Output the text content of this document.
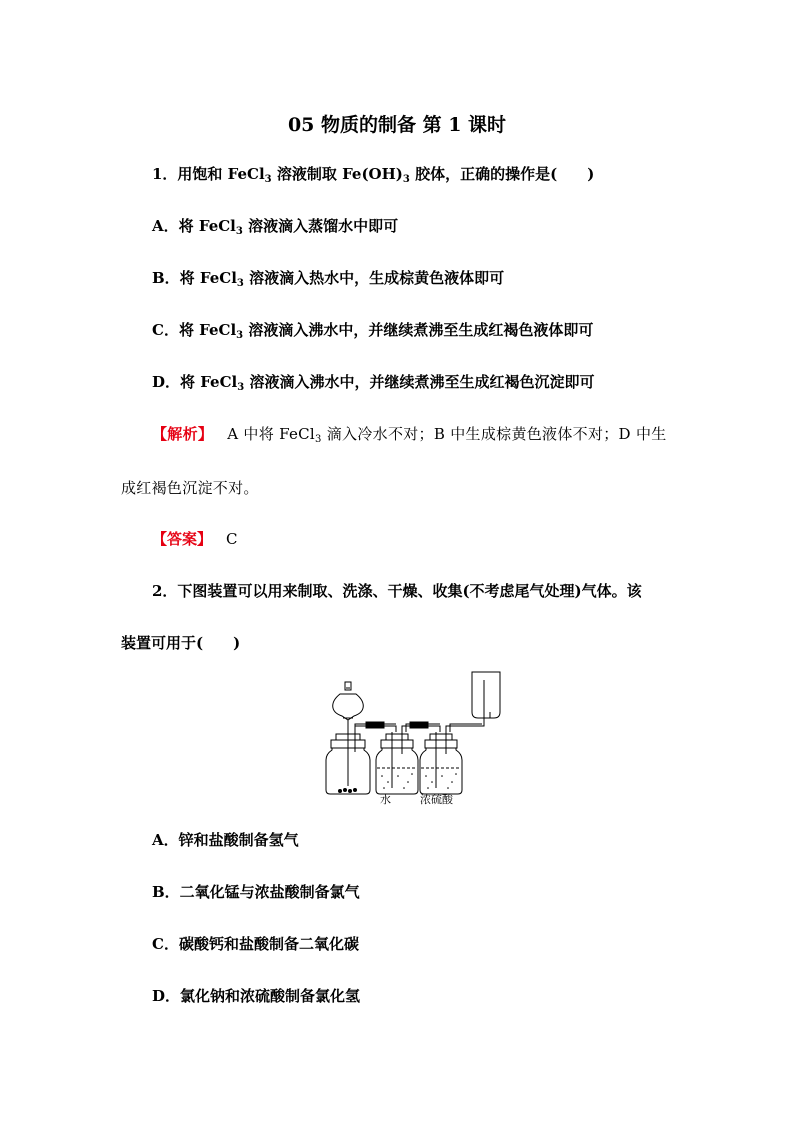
05 物质的制备 第 1 课时
1．用饱和 FeCl$_3$ 溶液制取 $Fe(OH)_3$ 胶体，正确的操作是(　　)
A．将 FeCl$_3$ 溶液滴入蒸馏水中即可
B．将 FeCl$_3$ 溶液滴入热水中，生成棕黄色液体即可
C．将 FeCl$_3$ 溶液滴入沸水中，并继续煮沸至生成红褐色液体即可
D．将 FeCl$_3$ 溶液滴入沸水中，并继续煮沸至生成红褐色沉淀即可
【解析】 A 中将 FeCl$_3$ 滴入冷水不对；B 中生成棕黄色液体不对；D 中生
成红褐色沉淀不对。
【答案】 C
2．下图装置可以用来制取、洗涤、干燥、收集(不考虑尾气处理)气体。该
装置可用于(　　)
水	浓硫酸
A．锌和盐酸制备氢气
B．二氧化锰与浓盐酸制备氯气
C．碳酸钙和盐酸制备二氧化碳
D．氯化钠和浓硫酸制备氯化氢
